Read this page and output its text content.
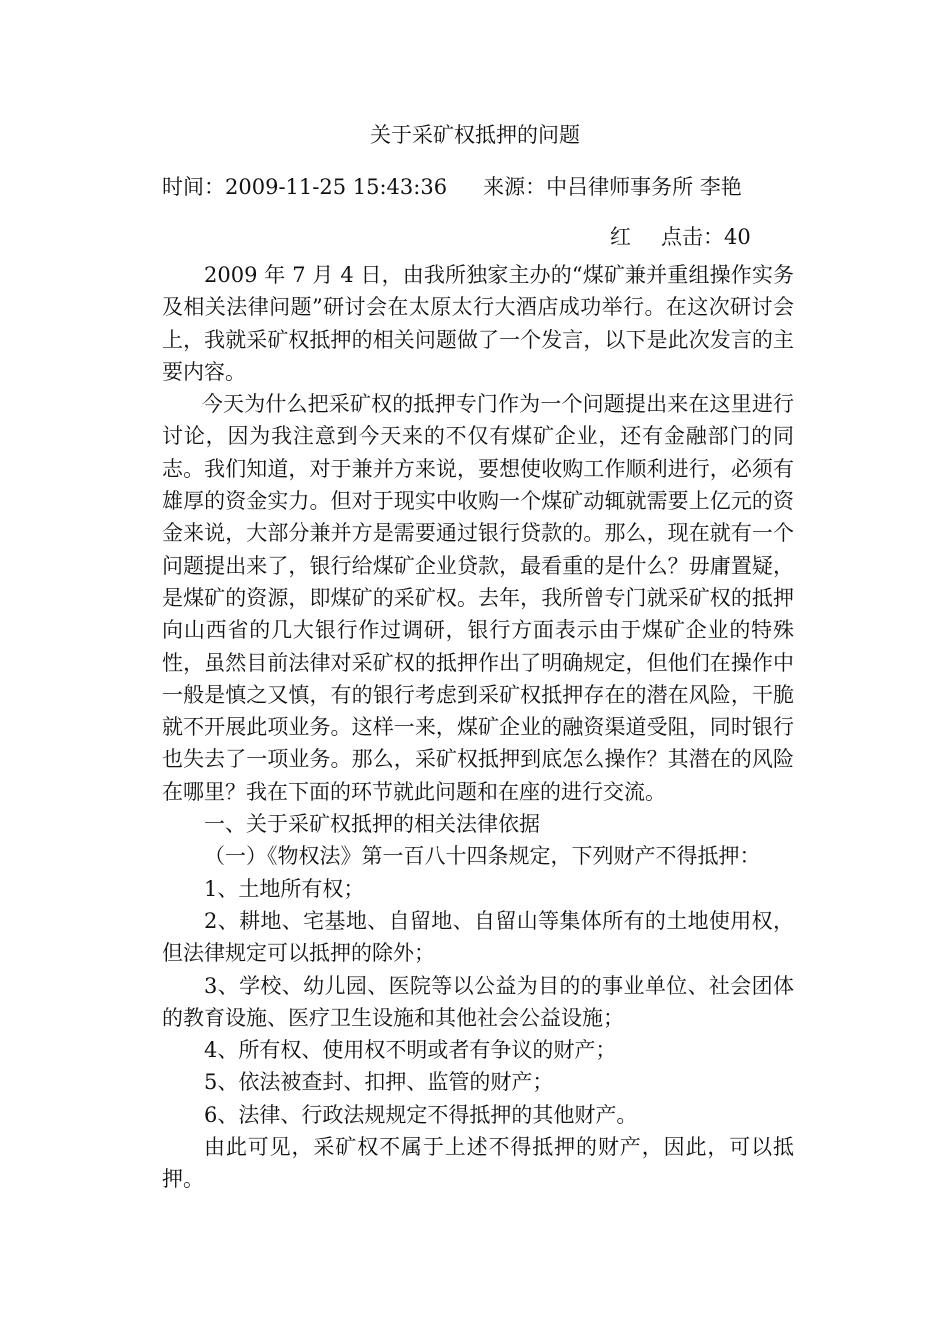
关于采矿权抵押的问题
时间：2009-11-25 15:43:36 来源：中吕律师事务所 李艳
红 点击：40

2009 年 7 月 4 日，由我所独家主办的“煤矿兼并重组操作实务及相关法律问题”研讨会在太原太行大酒店成功举行。在这次研讨会上，我就采矿权抵押的相关问题做了一个发言，以下是此次发言的主要内容。

今天为什么把采矿权的抵押专门作为一个问题提出来在这里进行讨论，因为我注意到今天来的不仅有煤矿企业，还有金融部门的同志。我们知道，对于兼并方来说，要想使收购工作顺利进行，必须有雄厚的资金实力。但对于现实中收购一个煤矿动辄就需要上亿元的资金来说，大部分兼并方是需要通过银行贷款的。那么，现在就有一个问题提出来了，银行给煤矿企业贷款，最看重的是什么？毋庸置疑，是煤矿的资源，即煤矿的采矿权。去年，我所曾专门就采矿权的抵押向山西省的几大银行作过调研，银行方面表示由于煤矿企业的特殊性，虽然目前法律对采矿权的抵押作出了明确规定，但他们在操作中一般是慎之又慎，有的银行考虑到采矿权抵押存在的潜在风险，干脆就不开展此项业务。这样一来，煤矿企业的融资渠道受阻，同时银行也失去了一项业务。那么，采矿权抵押到底怎么操作？其潜在的风险在哪里？我在下面的环节就此问题和在座的进行交流。

一、关于采矿权抵押的相关法律依据

（一）《物权法》第一百八十四条规定，下列财产不得抵押：

1、土地所有权；

2、耕地、宅基地、自留地、自留山等集体所有的土地使用权，但法律规定可以抵押的除外；

3、学校、幼儿园、医院等以公益为目的的事业单位、社会团体的教育设施、医疗卫生设施和其他社会公益设施；

4、所有权、使用权不明或者有争议的财产；

5、依法被查封、扣押、监管的财产；

6、法律、行政法规规定不得抵押的其他财产。

由此可见，采矿权不属于上述不得抵押的财产，因此，可以抵押。
